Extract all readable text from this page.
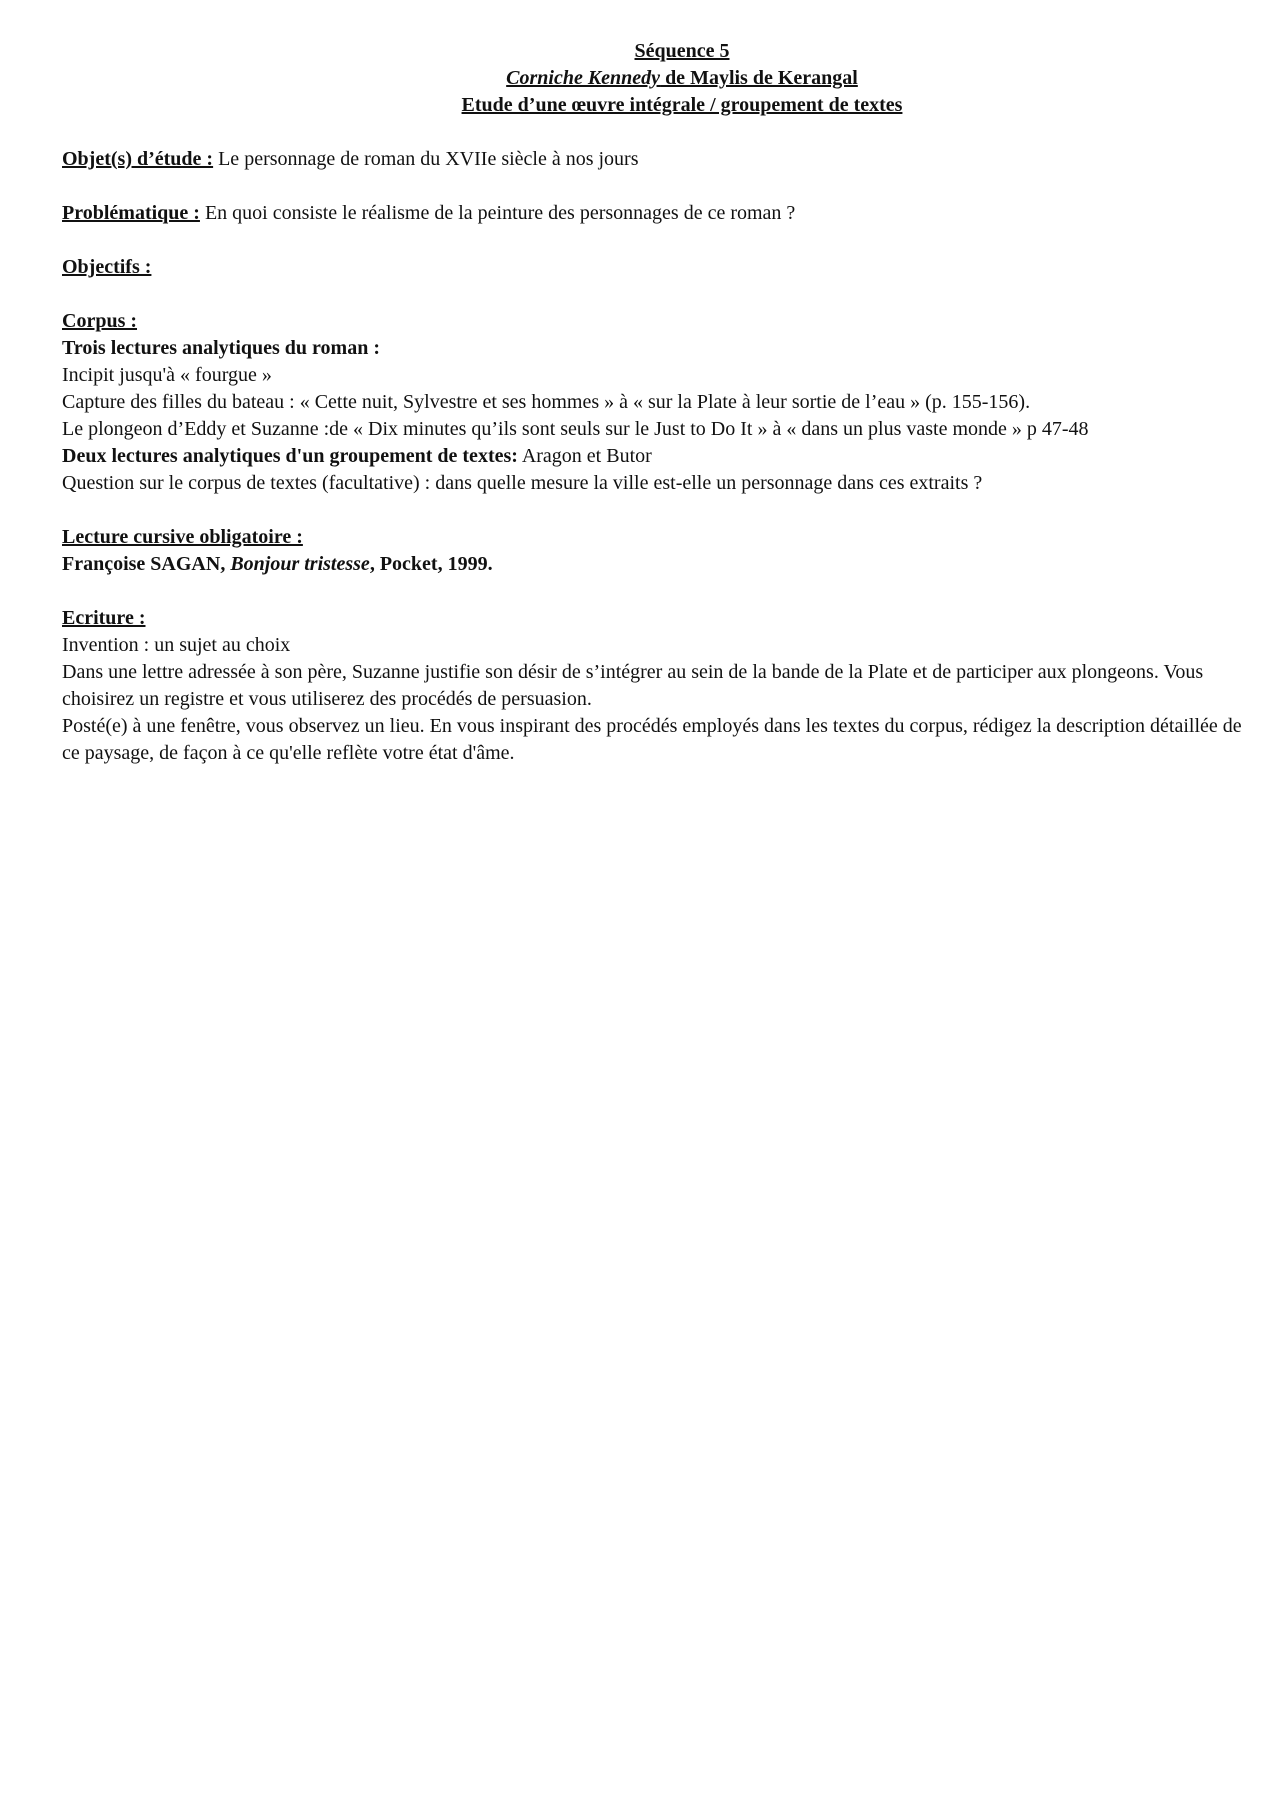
Séquence 5
Corniche Kennedy de Maylis de Kerangal
Etude d’une œuvre intégrale / groupement de textes
Objet(s) d’étude : Le personnage de roman du XVIIe siècle à nos jours
Problématique : En quoi consiste le réalisme de la peinture des personnages de ce roman ?
Objectifs :
Corpus :
Trois lectures analytiques du roman :
Incipit jusqu'à « fourgue »
Capture des filles du bateau : « Cette nuit, Sylvestre et ses hommes » à « sur la Plate à leur sortie de l’eau » (p. 155-156).
Le plongeon d’Eddy et Suzanne :de « Dix minutes qu’ils sont seuls sur le Just to Do It » à « dans un plus vaste monde » p 47-48
Deux lectures analytiques d'un groupement de textes: Aragon et Butor
Question sur le corpus de textes (facultative) : dans quelle mesure la ville est-elle un personnage dans ces extraits ?
Lecture cursive obligatoire :
Françoise SAGAN, Bonjour tristesse, Pocket, 1999.
Ecriture :
Invention : un sujet au choix
Dans une lettre adressée à son père, Suzanne justifie son désir de s’intégrer au sein de la bande de la Plate et de participer aux plongeons. Vous choisirez un registre et vous utiliserez des procédés de persuasion.
Posté(e) à une fenêtre, vous observez un lieu. En vous inspirant des procédés employés dans les textes du corpus, rédigez la description détaillée de ce paysage, de façon à ce qu'elle reflète votre état d'âme.
